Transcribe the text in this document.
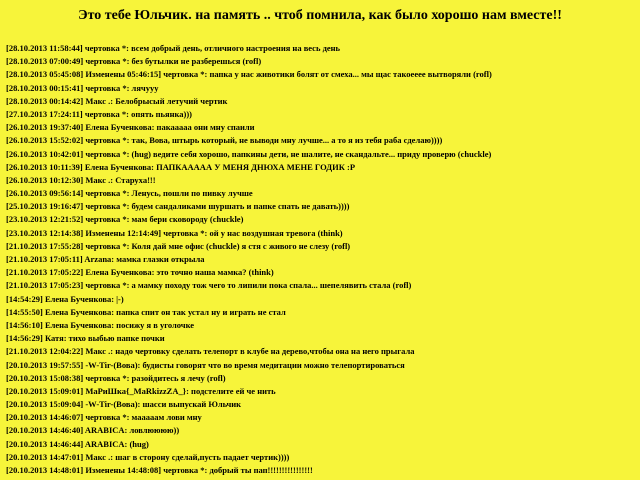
Это тебе Юльчик. на память .. чтоб помнила, как было хорошо нам вместе!!
[28.10.2013 11:58:44] чертовка *: всем добрый день, отличного настроения на весь день
[28.10.2013 07:00:49] чертовка *: без бутылки не разберешься (rofl)
[28.10.2013 05:45:08] Изменены 05:46:15] чертовка *: папка у нас животики болят от смеха... мы щас такоееее вытворяли (rofl)
[28.10.2013 00:15:41] чертовка *: лячууу
[28.10.2013 00:14:42] Макс .: Белобрысый летучий чертик
[27.10.2013 17:24:11] чертовка *: опять пьянка)))
[26.10.2013 19:37:40] Елена Бученкова: пакааааа они мну спаили
[26.10.2013 15:52:02] чертовка *: так, Вова, штырь который, не выводи мну лучше... а то я из тебя раба сделаю))))
[26.10.2013 10:42:01] чертовка *: (hug) ведите себя хорошо, папкины дети, не шалите, не скандальте... приду проверю (chuckle)
[26.10.2013 10:11:39] Елена Бученкова: ПАПКААААА У МЕНЯ ДНЮХА МЕНЕ ГОДИК :P
[26.10.2013 10:12:30] Макс .: Старуха!!!
[26.10.2013 09:56:14] чертовка *: Ленусь, пошли по пивку лучше
[25.10.2013 19:16:47] чертовка *: будем сандаликами шуршать и папке спать не давать))))
[23.10.2013 12:21:52] чертовка *: мам бери сковороду (chuckle)
[23.10.2013 12:14:38] Изменены 12:14:49] чертовка *: ой у нас воздушная тревога (think)
[21.10.2013 17:55:28] чертовка *: Коля дай мне офис (chuckle) я стя с живого не слезу (rofl)
[21.10.2013 17:05:11] Arzana: мамка глазки открыла
[21.10.2013 17:05:22] Елена Бученкова: это точно наша мамка? (think)
[21.10.2013 17:05:23] чертовка *: а мамку походу тож чего то липили пока спала... шепелявить стала (rofl)
[14:54:29] Елена Бученкова: |-)
[14:55:50] Елена Бученкова: папка спит он так устал ну и играть не стал
[14:56:10] Елена Бученкова: посижу я в уголочке
[14:56:29] Катя: тихо выбью папке почки
[21.10.2013 12:04:22] Макс .: надо чертовку сделать телепорт в клубе на дерево,чтобы она на него прыгала
[20.10.2013 19:57:55] -W-Tir-(Вова): будисты говорят что во время медитации можно телепортироваться
[20.10.2013 15:08:38] чертовка *: разойдитесь я лечу (rofl)
[20.10.2013 15:09:01] МаРиШка{_MaRkizzZA_}: подстелите ей че нить
[20.10.2013 15:09:04] -W-Tir-(Вова): шасси выпускай Юльчик
[20.10.2013 14:46:07] чертовка *: мааааам лови мну
[20.10.2013 14:46:40] ARABICA: ловлюююю))
[20.10.2013 14:46:44] ARABICA: (hug)
[20.10.2013 14:47:01] Макс .: шаг в сторону сделай,пусть падает чертик))))
[20.10.2013 14:48:01] Изменены 14:48:08] чертовка *: добрый ты пап!!!!!!!!!!!!!!!!
